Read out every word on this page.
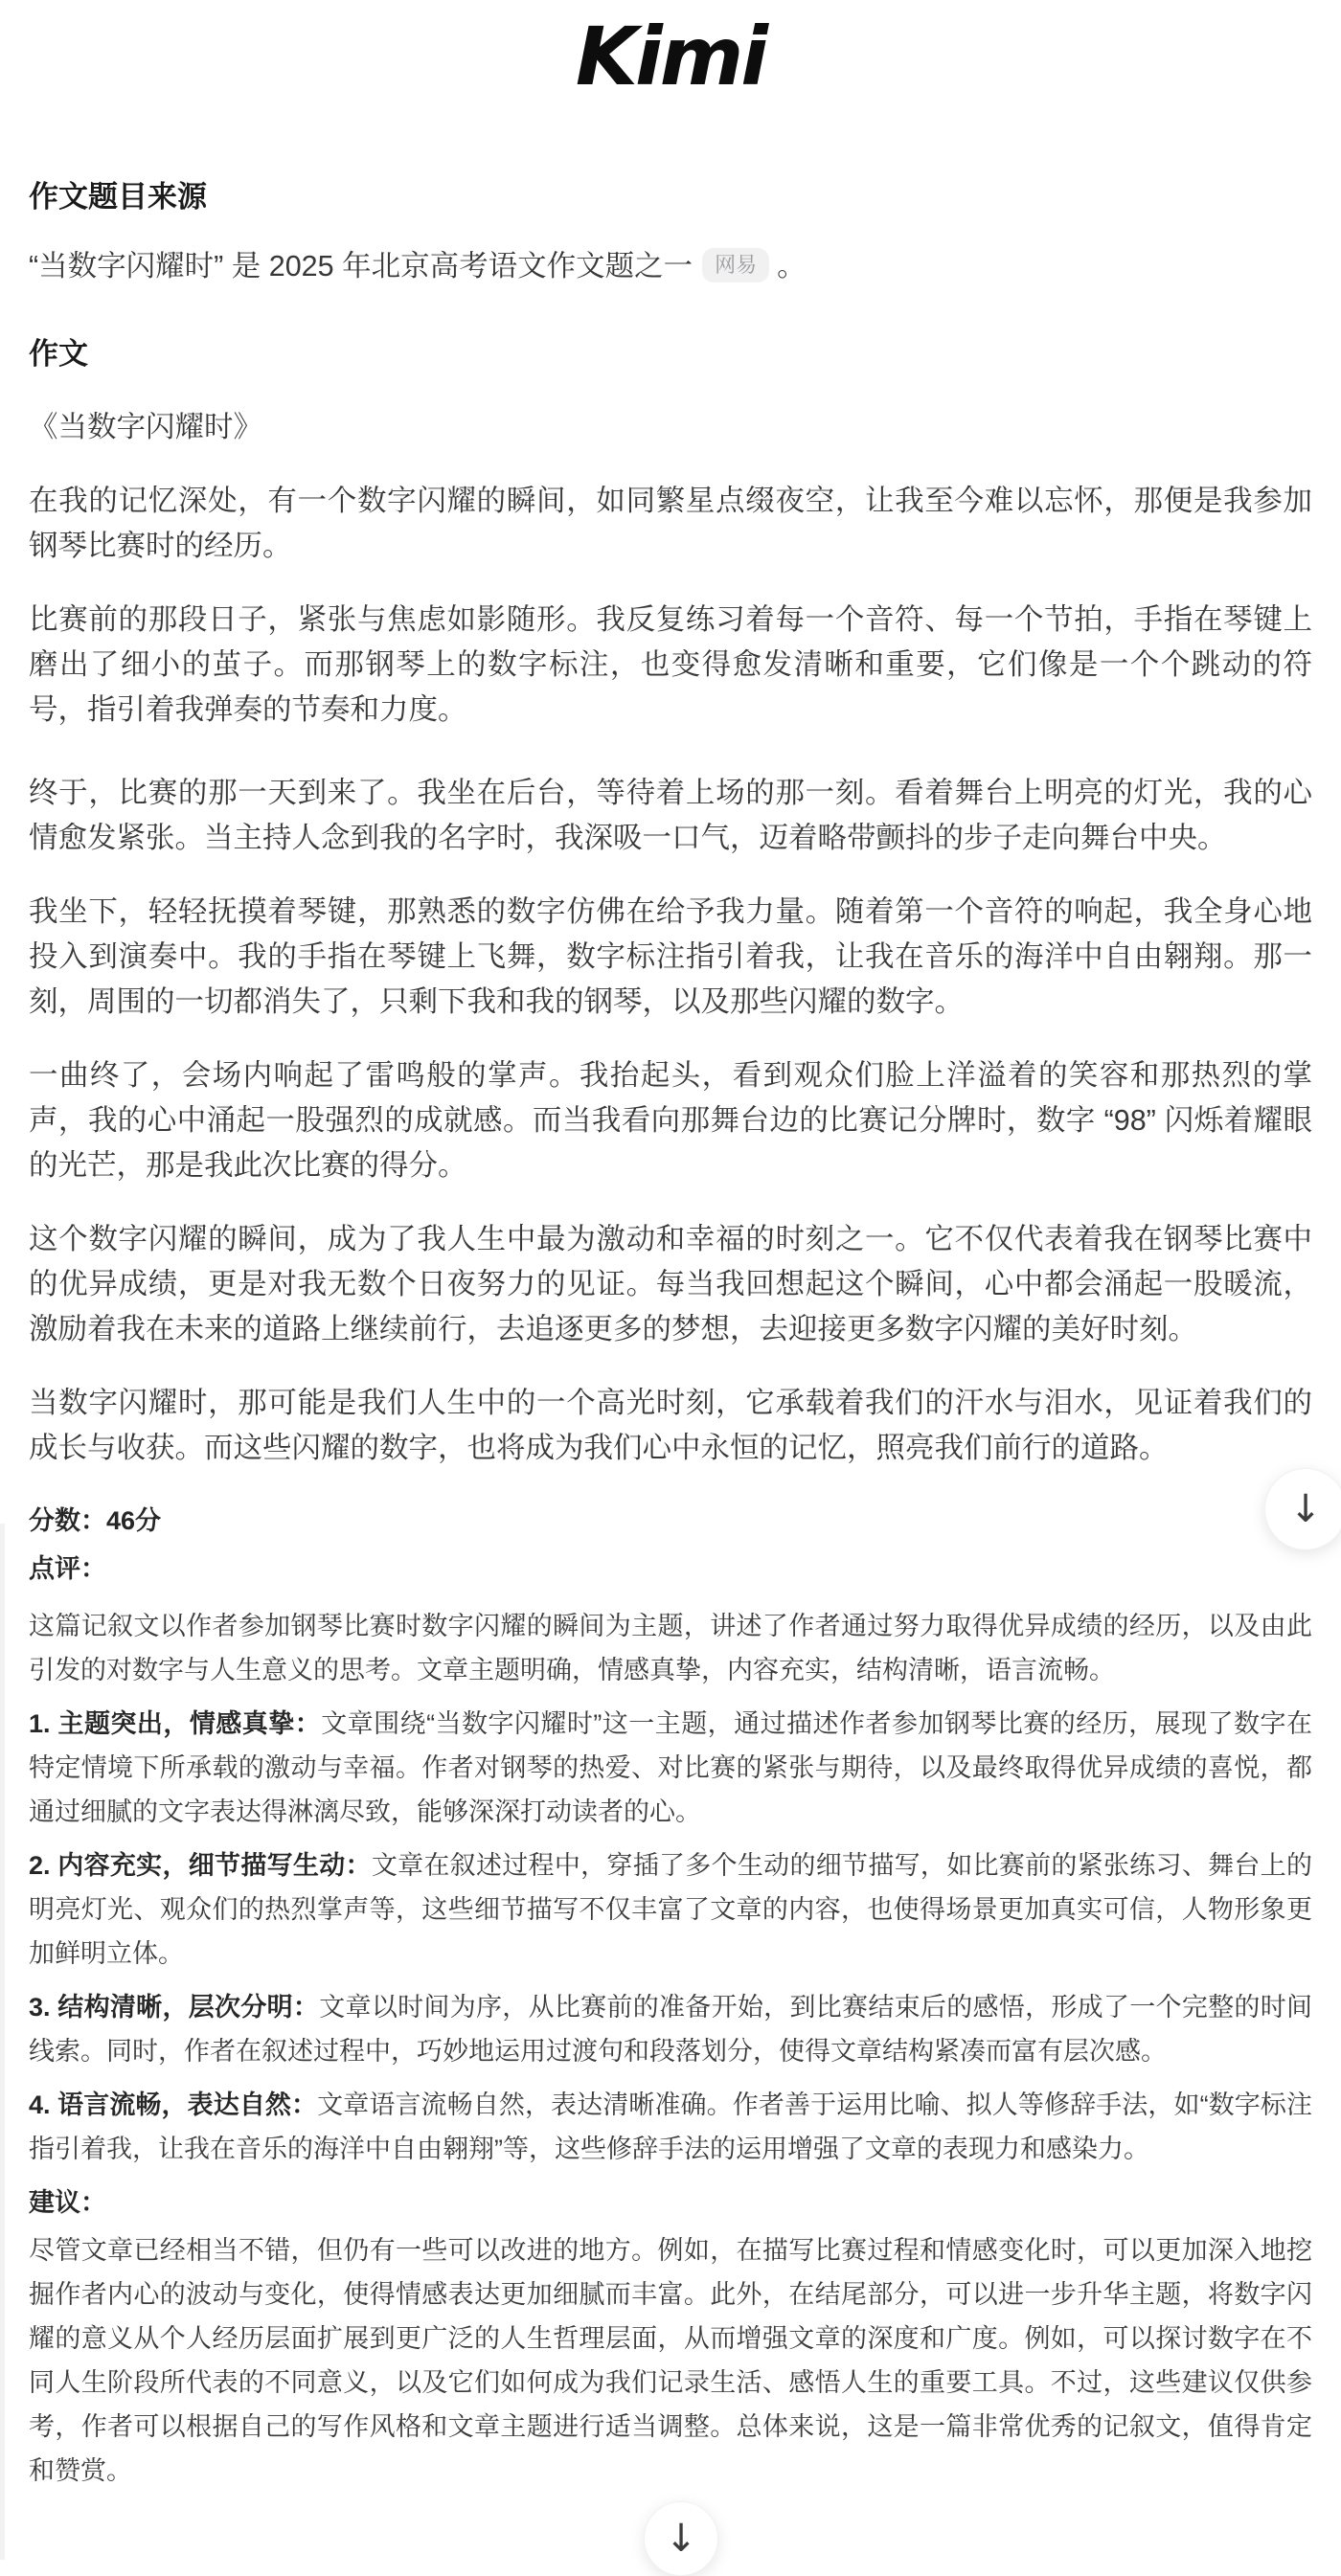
Kimi
作文题目来源

“当数字闪耀时” 是 2025 年北京高考语文作文题之一 网易 。

作文

《当数字闪耀时》

在我的记忆深处，有一个数字闪耀的瞬间，如同繁星点缀夜空，让我至今难以忘怀，那便是我参加钢琴比赛时的经历。

比赛前的那段日子，紧张与焦虑如影随形。我反复练习着每一个音符、每一个节拍，手指在琴键上磨出了细小的茧子。而那钢琴上的数字标注，也变得愈发清晰和重要，它们像是一个个跳动的符号，指引着我弹奏的节奏和力度。

终于，比赛的那一天到来了。我坐在后台，等待着上场的那一刻。看着舞台上明亮的灯光，我的心情愈发紧张。当主持人念到我的名字时，我深吸一口气，迈着略带颤抖的步子走向舞台中央。

我坐下，轻轻抚摸着琴键，那熟悉的数字仿佛在给予我力量。随着第一个音符的响起，我全身心地投入到演奏中。我的手指在琴键上飞舞，数字标注指引着我，让我在音乐的海洋中自由翱翔。那一刻，周围的一切都消失了，只剩下我和我的钢琴，以及那些闪耀的数字。

一曲终了，会场内响起了雷鸣般的掌声。我抬起头，看到观众们脸上洋溢着的笑容和那热烈的掌声，我的心中涌起一股强烈的成就感。而当我看向那舞台边的比赛记分牌时，数字 “98” 闪烁着耀眼的光芒，那是我此次比赛的得分。

这个数字闪耀的瞬间，成为了我人生中最为激动和幸福的时刻之一。它不仅代表着我在钢琴比赛中的优异成绩，更是对我无数个日夜努力的见证。每当我回想起这个瞬间，心中都会涌起一股暖流，激励着我在未来的道路上继续前行，去追逐更多的梦想，去迎接更多数字闪耀的美好时刻。

当数字闪耀时，那可能是我们人生中的一个高光时刻，它承载着我们的汗水与泪水，见证着我们的成长与收获。而这些闪耀的数字，也将成为我们心中永恒的记忆，照亮我们前行的道路。

分数：46分

点评：

这篇记叙文以作者参加钢琴比赛时数字闪耀的瞬间为主题，讲述了作者通过努力取得优异成绩的经历，以及由此引发的对数字与人生意义的思考。文章主题明确，情感真挚，内容充实，结构清晰，语言流畅。

1. 主题突出，情感真挚：文章围绕“当数字闪耀时”这一主题，通过描述作者参加钢琴比赛的经历，展现了数字在特定情境下所承载的激动与幸福。作者对钢琴的热爱、对比赛的紧张与期待，以及最终取得优异成绩的喜悦，都通过细腻的文字表达得淋漓尽致，能够深深打动读者的心。

2. 内容充实，细节描写生动：文章在叙述过程中，穿插了多个生动的细节描写，如比赛前的紧张练习、舞台上的明亮灯光、观众们的热烈掌声等，这些细节描写不仅丰富了文章的内容，也使得场景更加真实可信，人物形象更加鲜明立体。

3. 结构清晰，层次分明：文章以时间为序，从比赛前的准备开始，到比赛结束后的感悟，形成了一个完整的时间线索。同时，作者在叙述过程中，巧妙地运用过渡句和段落划分，使得文章结构紧凑而富有层次感。

4. 语言流畅，表达自然：文章语言流畅自然，表达清晰准确。作者善于运用比喻、拟人等修辞手法，如“数字标注指引着我，让我在音乐的海洋中自由翱翔”等，这些修辞手法的运用增强了文章的表现力和感染力。

建议：

尽管文章已经相当不错，但仍有一些可以改进的地方。例如，在描写比赛过程和情感变化时，可以更加深入地挖掘作者内心的波动与变化，使得情感表达更加细腻而丰富。此外，在结尾部分，可以进一步升华主题，将数字闪耀的意义从个人经历层面扩展到更广泛的人生哲理层面，从而增强文章的深度和广度。例如，可以探讨数字在不同人生阶段所代表的不同意义，以及它们如何成为我们记录生活、感悟人生的重要工具。不过，这些建议仅供参考，作者可以根据自己的写作风格和文章主题进行适当调整。总体来说，这是一篇非常优秀的记叙文，值得肯定和赞赏。

↓
↓
